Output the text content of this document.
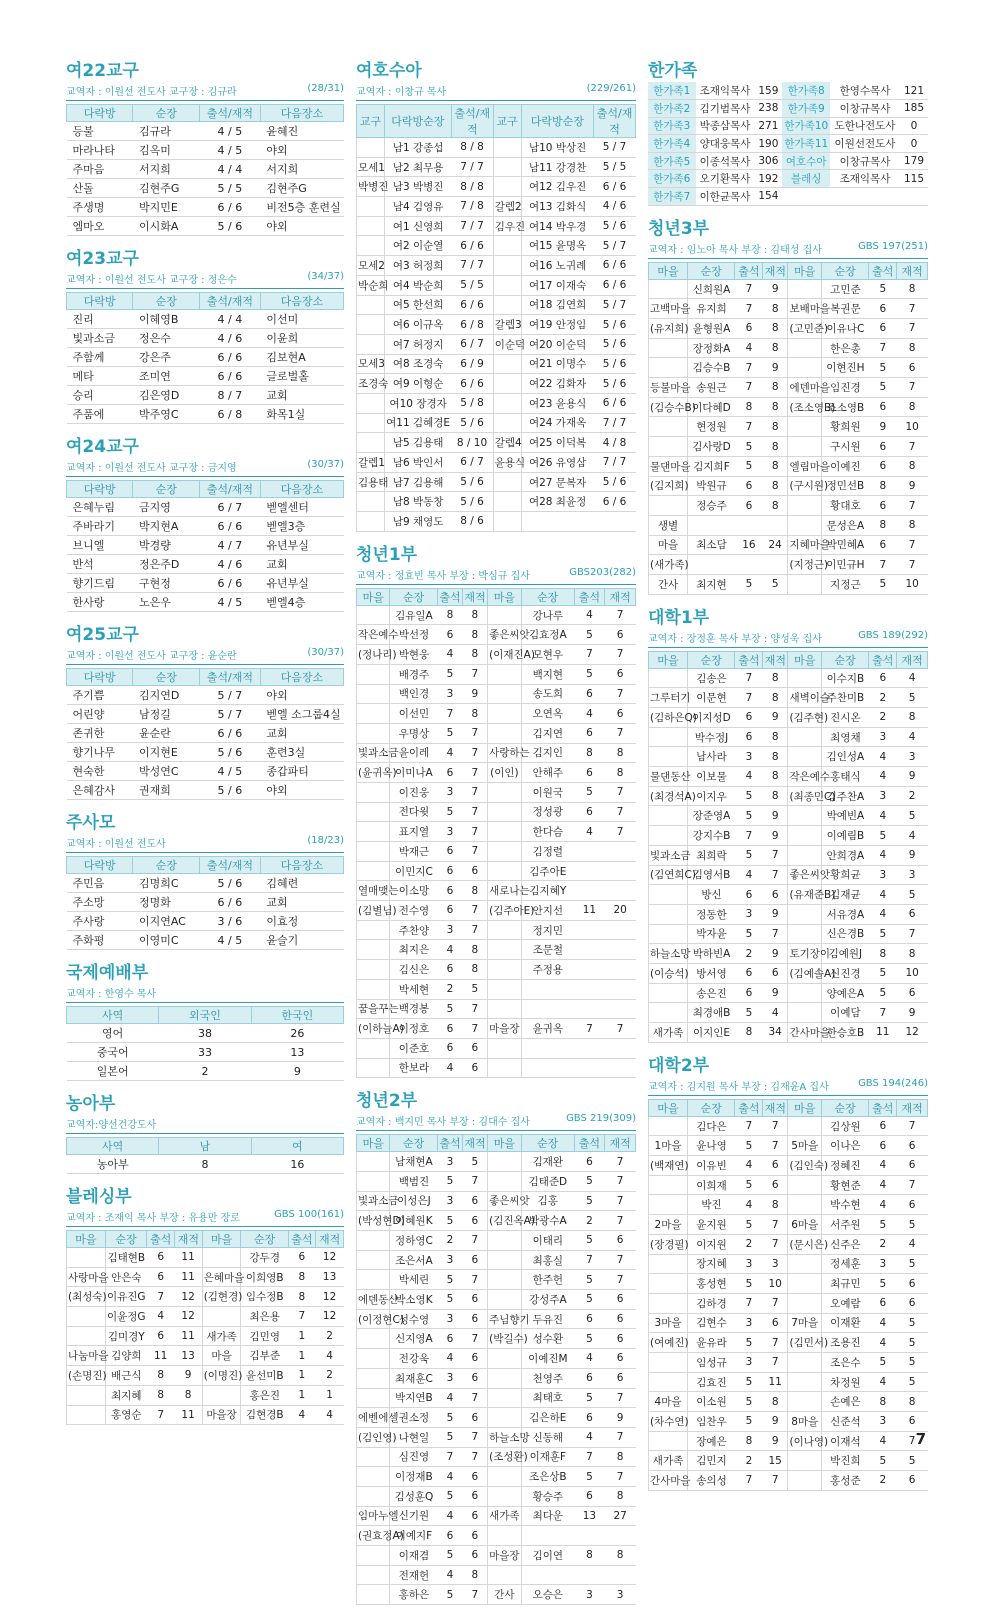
여22교구
교역자 : 이원선 전도사 교구장 : 김규라	(28/31)
다락방	순장	출석/재적	다음장소
등불	김규라	4 / 5	윤혜진
마라나타	김옥미	4 / 5	야외
주마음	서지희	4 / 4	서지희
산돌	김현주G	5 / 5	김현주G
주생명	박지민E	6 / 6	비전5층 훈련실
엠마오	이시화A	5 / 6	야외
여23교구
교역자 : 이원선 전도사 교구장 : 정은수	(34/37)
다락방	순장	출석/재적	다음장소
진리	이혜영B	4 / 4	이선미
빛과소금	정은수	4 / 6	이윤희
주함께	강은주	6 / 6	김보현A
메타	조미연	6 / 6	글로벌홀
승리	김은영D	8 / 7	교회
주품에	박주영C	6 / 8	화목1실
여24교구
교역자 : 이원선 전도사 교구장 : 금지영	(30/37)
다락방	순장	출석/재적	다음장소
은혜누림	금지영	6 / 7	벧엘센터
주바라기	박지현A	6 / 6	벧엘3층
브니엘	박경량	4 / 7	유년부실
반석	정은주D	4 / 6	교회
향기드림	구현정	6 / 6	유년부실
한사랑	노은우	4 / 5	벧엘4층
여25교구
교역자 : 이원선 전도사 교구장 : 윤순란	(30/37)
다락방	순장	출석/재적	다음장소
주기쁨	김지연D	5 / 7	야외
어린양	남정길	5 / 7	벧엘 소그룹4실
존귀한	윤순란	6 / 6	교회
향기나무	이지현E	5 / 6	훈련3실
현숙한	박성연C	4 / 5	종갑파티
은혜감사	권재희	5 / 6	야외
주사모
교역자 : 이원선 전도사	(18/23)
다락방	순장	출석/재적	다음장소
주민음	김명희C	5 / 6	김혜련
주소망	정명화	6 / 6	교회
주사랑	이지연AC	3 / 6	이효정
주화평	이영미C	4 / 5	윤슬기
국제예배부
교역자 : 한영수 목사
사역	외국인	한국인
영어	38	26
중국어	33	13
일본어	2	9
농아부
교역자:양선건강도사
사역	남	여
농아부	8	16
블레싱부
교역자 : 조재익 목사 부장 : 유용만 장로	GBS 100(161)
마을	순장	출석	재적	마을	순장	출석	재적
	김태현B	6	11		강두경	6	12
사랑마을	안은숙	6	11	은혜마을	이희영B	8	13
(최성숙)	이유진G	7	12	(김현경)	임수정B	8	12
	이윤정G	4	12		최은용	7	12
	김미경Y	6	11	새가족	김민영	1	2
나눔마을	김양희	11	13	마을	김부준	1	4
(손명진)	배근식	8	9	(이명진)	윤선미B	1	2
	최지혜	8	8		홍은진	1	1
	홍영순	7	11	마을장	김현경B	4	4
여호수아
교역자 : 이창규 목사	(229/261)
교구	다락방순장	출석/재적	교구	다락방순장	출석/재적
	남1 강종섭	8 / 8		남10 박상진	5 / 7
모세1	남2 최무용	7 / 7		남11 강경찬	5 / 5
박병진	남3 박병진	8 / 8		여12 김우진	6 / 6
	남4 김영유	7 / 8	갈렙2	여13 김화식	4 / 6
	여1 신영희	7 / 7	김우진	여14 박우경	5 / 6
	여2 이순열	6 / 6		여15 윤명옥	5 / 7
모세2	여3 허정희	7 / 7		여16 노귀례	6 / 6
박순희	여4 박순희	5 / 5		여17 이재숙	6 / 6
	여5 한선희	6 / 6		여18 김연희	5 / 7
	여6 이규옥	6 / 8	갈렙3	여19 안정임	5 / 6
	여7 허정지	6 / 7	이순덕	여20 이순덕	5 / 6
모세3	여8 조경숙	6 / 9		여21 이명수	5 / 6
조경숙	여9 이형순	6 / 6		여22 김화자	5 / 6
	여10 장경자	5 / 8		여23 윤용식	6 / 6
	여11 김혜경E	5 / 6		여24 가재옥	7 / 7
	남5 김용태	8 / 10	갈렙4	여25 이덕복	4 / 8
갈렙1	남6 박인서	6 / 7	윤용식	여26 유영삼	7 / 7
김용태	남7 김용해	5 / 6		여27 문복자	5 / 6
	남8 박동창	5 / 6		여28 최윤정	6 / 6
	남9 채영도	8 / 6			
청년1부
교역자 : 정효빈 목사 부장 : 박심규 집사	GBS203(282)
마을	순장	출석	재적	마을	순장	출석	재적
	김유일A	8	8		강나루	4	7
작은예수	박선정	6	8	좋은씨앗	김효정A	5	6
(정나리)	박현웅	4	8	(이재진A)	모현우	7	7
	배경주	5	7		백지현	5	6
	백인경	3	9		송도희	6	7
	이선민	7	8		오연옥	4	6
	우명상	5	7		김지연	6	7
빛과소금	윤이레	4	7	사랑하는	김지인	8	8
(윤귀옥)	이미나A	6	7	(이인)	안해주	6	8
	이진웅	3	7		이원국	5	7
	전다윗	5	7		정성광	6	7
	표지열	3	7		한다슴	4	7
	박재근	6	7		김정렬		
	이민지C	6	6		김주아E		
열매맺는	이소망	6	8	새로나는	김지혜Y		
(김별님)	전수영	6	7	(김주아E)	안지선	11	20
	주찬양	3	7		정지민		
	최지은	4	8		조문철		
	김신은	6	8		주정용		
	박세현	2	5				
꿈을꾸는	백경봉	5	7				
(이하늘A)	이정호	6	7	마을장	윤귀옥	7	7
	이준호	6	6				
	한보라	4	6				
청년2부
교역자 : 백지민 목사 부장 : 김대수 집사	GBS 219(309)
마을	순장	출석	재적	마을	순장	출석	재적
	남채현A	3	5		김재완	6	7
	백범진	5	7		김태준D	5	7
빛과소금	이성은J	3	6	좋은씨앗	김홍	5	7
(박성현D)	이혜원K	5	6	(김진옥A)	박광수A	2	7
	정하영C	2	7		이태리	5	6
	조은서A	3	6		최홍실	7	7
	박세린	5	7		한주헌	5	7
에덴동산	박소영K	5	6		강성주A	5	6
(이정현C)	성수영	3	6	주님향기	두유진	6	6
	신지영A	6	7	(박길수)	성수환	5	6
	전강욱	4	6		이예진M	4	6
	최재훈C	3	6		천영주	6	6
	박지연B	4	7		최태호	5	7
에벤에셀	권소정	5	6		김은하E	6	9
(김인영)	나현일	5	7	하늘소망	신동해	4	7
	심진영	7	7	(조성환)	이재훈F	7	8
	이정재B	4	6		조은상B	5	7
	김성훈Q	5	6		황승주	6	8
임마누엘	신기원	4	6	새가족	최다운	13	27
(권효정A)	이예지F	6	6				
	이재겸	5	6	마을장	김이연	8	8
	전재헌	4	8				
	홍하은	5	7	간사	오승은	3	3
한가족
한가족1	조재익목사	159	한가족8	한영수목사	121
한가족2	김기범목사	238	한가족9	이창규목사	185
한가족3	박종삼목사	271	한가족10	도한나전도사	0
한가족4	양대웅목사	190	한가족11	이원선전도사	0
한가족5	이종석목사	306	여호수아	이창규목사	179
한가족6	오기환목사	192	블레싱	조재익목사	115
한가족7	이한균목사	154			
청년3부
교역자 : 임노아 목사 부장 : 김태성 집사	GBS 197(251)
마을	순장	출석	재적	마을	순장	출석	재적
	신희원A	7	9		고민준	5	8
고백마을	유지희	7	8	보배마을	복권문	6	7
(유지희)	윤형원A	6	8	(고민준)	이유나C	6	7
	장정화A	4	8		한은총	7	8
	김승수B	7	9		이현진H	5	6
등불마을	송원근	7	8	에덴마을	임진경	5	7
(김승수B)	이다혜D	8	8	(조소영B)	조소영B	6	8
	현정원	7	8		황희원	9	10
	김사랑D	5	8		구시원	6	7
물댄마을	김지희F	5	8	엘림마을	이예진	6	8
(김지희)	박원규	6	8	(구시원)	정민선B	8	9
	정승주	6	8		황대호	6	7
생별					문성은A	8	8
마을	최소담	16	24	지혜마을	박민혜A	6	7
(새가족)				(지정근)	이민규H	7	7
간사	최지현	5	5		지정근	5	10
대학1부
교역자 : 장정훈 목사 부장 : 양성욱 집사	GBS 189(292)
마을	순장	출석	재적	마을	순장	출석	재적
	김송은	7	8		이수지B	6	4
그루터기	이문현	7	8	새벽이슬	주찬미B	2	5
(김하은Q)	이지성D	6	9	(김주현)	진시온	2	8
	박수정J	6	8		최영채	3	4
	남사라	3	8		김인성A	4	3
물댄동산	이보물	4	8	작은예수	홍태식	4	9
(최경석A)	이지우	5	8	(최종민C)	김주찬A	3	2
	장준영A	5	9		박예빈A	4	5
	강지수B	7	9		이예림B	5	4
빛과소금	최희락	5	7		안희경A	4	9
(김연희C)	김영서B	4	7	좋은씨앗	황희균	3	3
	방신	6	6	(유재준B)	김재균	4	5
	정동한	3	9		서유경A	4	6
	박자윤	5	7		신은경B	5	7
하늘소망	박하빈A	2	9	토기장이	김예원J	8	8
(이승석)	방서영	6	6	(김예솔A)	신진경	5	10
	송은진	6	9		양예은A	5	6
	최경애B	5	4		이예담	7	9
새가족	이지인E	8	34	간사마을	한승호B	11	12
대학2부
교역자 : 김지원 목사 부장 : 김재윤A 집사	GBS 194(246)
마을	순장	출석	재적	마을	순장	출석	재적
	김다은	7	7		김상원	6	7
1마을	윤나영	5	7	5마을	이나은	6	6
(백재연)	이유빈	4	6	(김인숙)	정혜진	4	6
	이희재	5	6		황현준	4	7
	박진	4	8		박수현	4	6
2마을	윤지원	5	7	6마을	서주원	5	5
(장경필)	이지원	2	7	(문시은)	신주은	2	4
	장지혜	3	3		정세훈	3	5
	홍성현	5	10		최규민	5	6
	김하경	7	7		오예람	6	6
3마을	김현수	3	6	7마을	이재환	4	5
(여예진)	윤유라	5	7	(김민서)	조용진	4	5
	임성규	3	7		조은수	5	5
	김효진	5	11		차정원	4	5
4마을	이소원	5	8		손예은	8	8
(차수연)	임찬우	5	9	8마을	신준석	3	6
	장예은	8	9	(이나영)	이재석	4	7
새가족	김민지	2	15		박진희	5	5
간사마을	송의성	7	7		홍성준	2	6
7
